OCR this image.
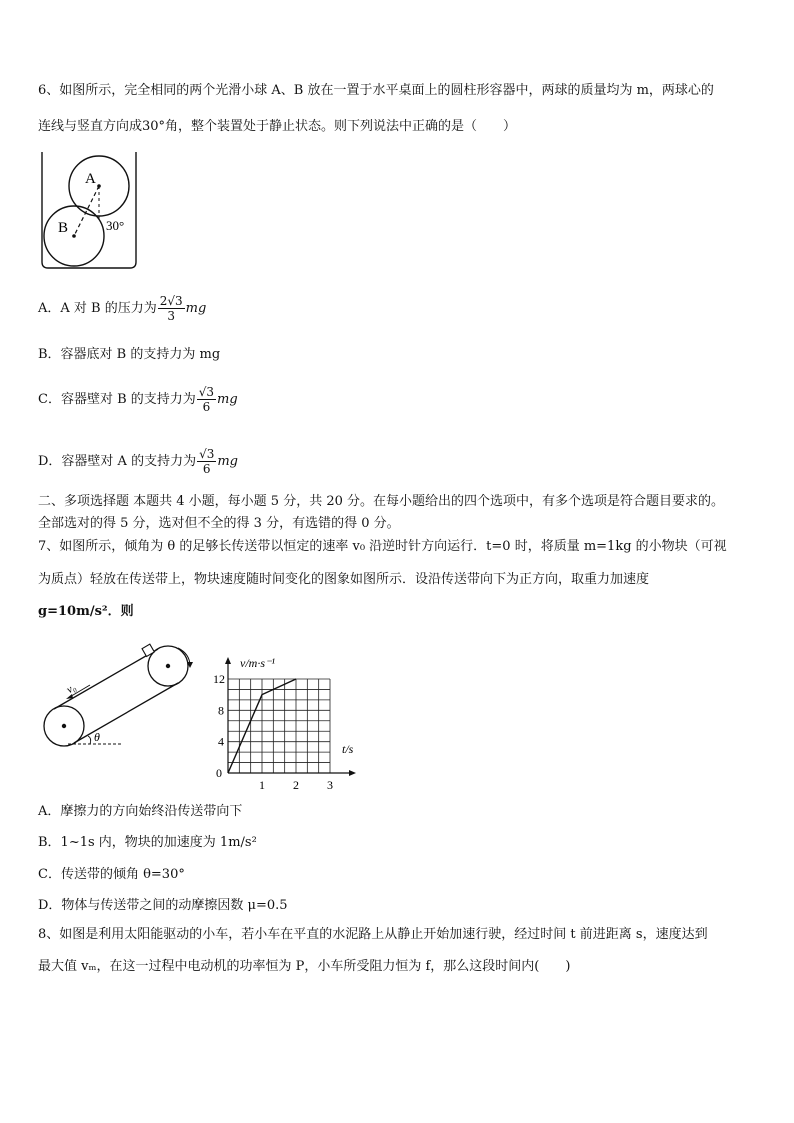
6、如图所示，完全相同的两个光滑小球 A、B 放在一置于水平桌面上的圆柱形容器中，两球的质量均为 m，两球心的
连线与竖直方向成30°角，整个装置处于静止状态。则下列说法中正确的是（　　）
A
B	30°
A．A 对 B 的压力为 $\frac{2√3}{3}$ mg
B．容器底对 B 的支持力为 mg
C．容器壁对 B 的支持力为 $\frac{√3}{6}$ mg
D．容器壁对 A 的支持力为 $\frac{√3}{6}$ mg
二、多项选择题 本题共 4 小题，每小题 5 分，共 20 分。在每小题给出的四个选项中，有多个选项是符合题目要求的。
全部选对的得 5 分，选对但不全的得 3 分，有选错的得 0 分。
7、如图所示，倾角为 θ 的足够长传送带以恒定的速率 v₀ 沿逆时针方向运行．t=0 时，将质量 m=1kg 的小物块（可视
为质点）轻放在传送带上，物块速度随时间变化的图象如图所示．设沿传送带向下为正方向，取重力加速度
g=10m/s²．则
v₀
θ
v/m·s⁻¹
t/s
0
1 2 3
4
8
12
A．摩擦力的方向始终沿传送带向下
B．1~1s 内，物块的加速度为 1m/s²
C．传送带的倾角 θ=30°
D．物体与传送带之间的动摩擦因数 μ=0.5
8、如图是利用太阳能驱动的小车，若小车在平直的水泥路上从静止开始加速行驶，经过时间 t 前进距离 s，速度达到
最大值 vₘ，在这一过程中电动机的功率恒为 P，小车所受阻力恒为 f，那么这段时间内(　　)
